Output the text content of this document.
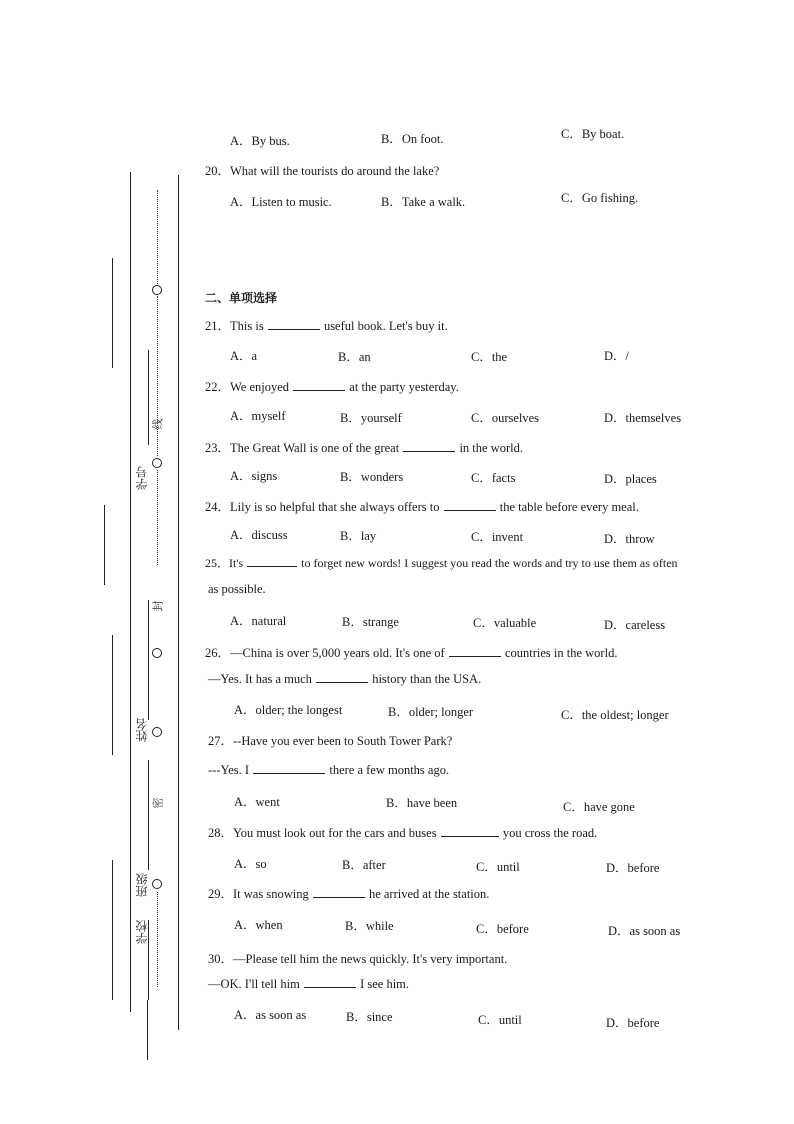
线
封
密
学号
姓名
班级
学校
A．By bus.	B．On foot.	C．By boat.
20．What will the tourists do around the lake?
A．Listen to music.	B．Take a walk.	C．Go fishing.
二、单项选择
21．This is	useful book. Let's buy it.
A．a	B．an	C．the	D．/
22．We enjoyed	at the party yesterday.
A．myself	B．yourself	C．ourselves	D．themselves
23．The Great Wall is one of the great	in the world.
A．signs	B．wonders	C．facts	D．places
24．Lily is so helpful that she always offers to	the table before every meal.
A．discuss	B．lay	C．invent	D．throw
25．It's	to forget new words! I suggest you read the words and try to use them as often
as possible.
A．natural	B．strange	C．valuable	D．careless
26．—China is over 5,000 years old. It's one of	countries in the world.
—Yes. It has a much	history than the USA.
A．older; the longest	B．older; longer	C．the oldest; longer
27．--Have you ever been to South Tower Park?
---Yes. I	there a few months ago.
A．went	B．have been	C．have gone
28．You must look out for the cars and buses	you cross the road.
A．so	B．after	C．until	D．before
29．It was snowing	he arrived at the station.
A．when	B．while	C．before	D．as soon as
30．—Please tell him the news quickly. It's very important.
—OK. I'll tell him	I see him.
A．as soon as	B．since	C．until	D．before
